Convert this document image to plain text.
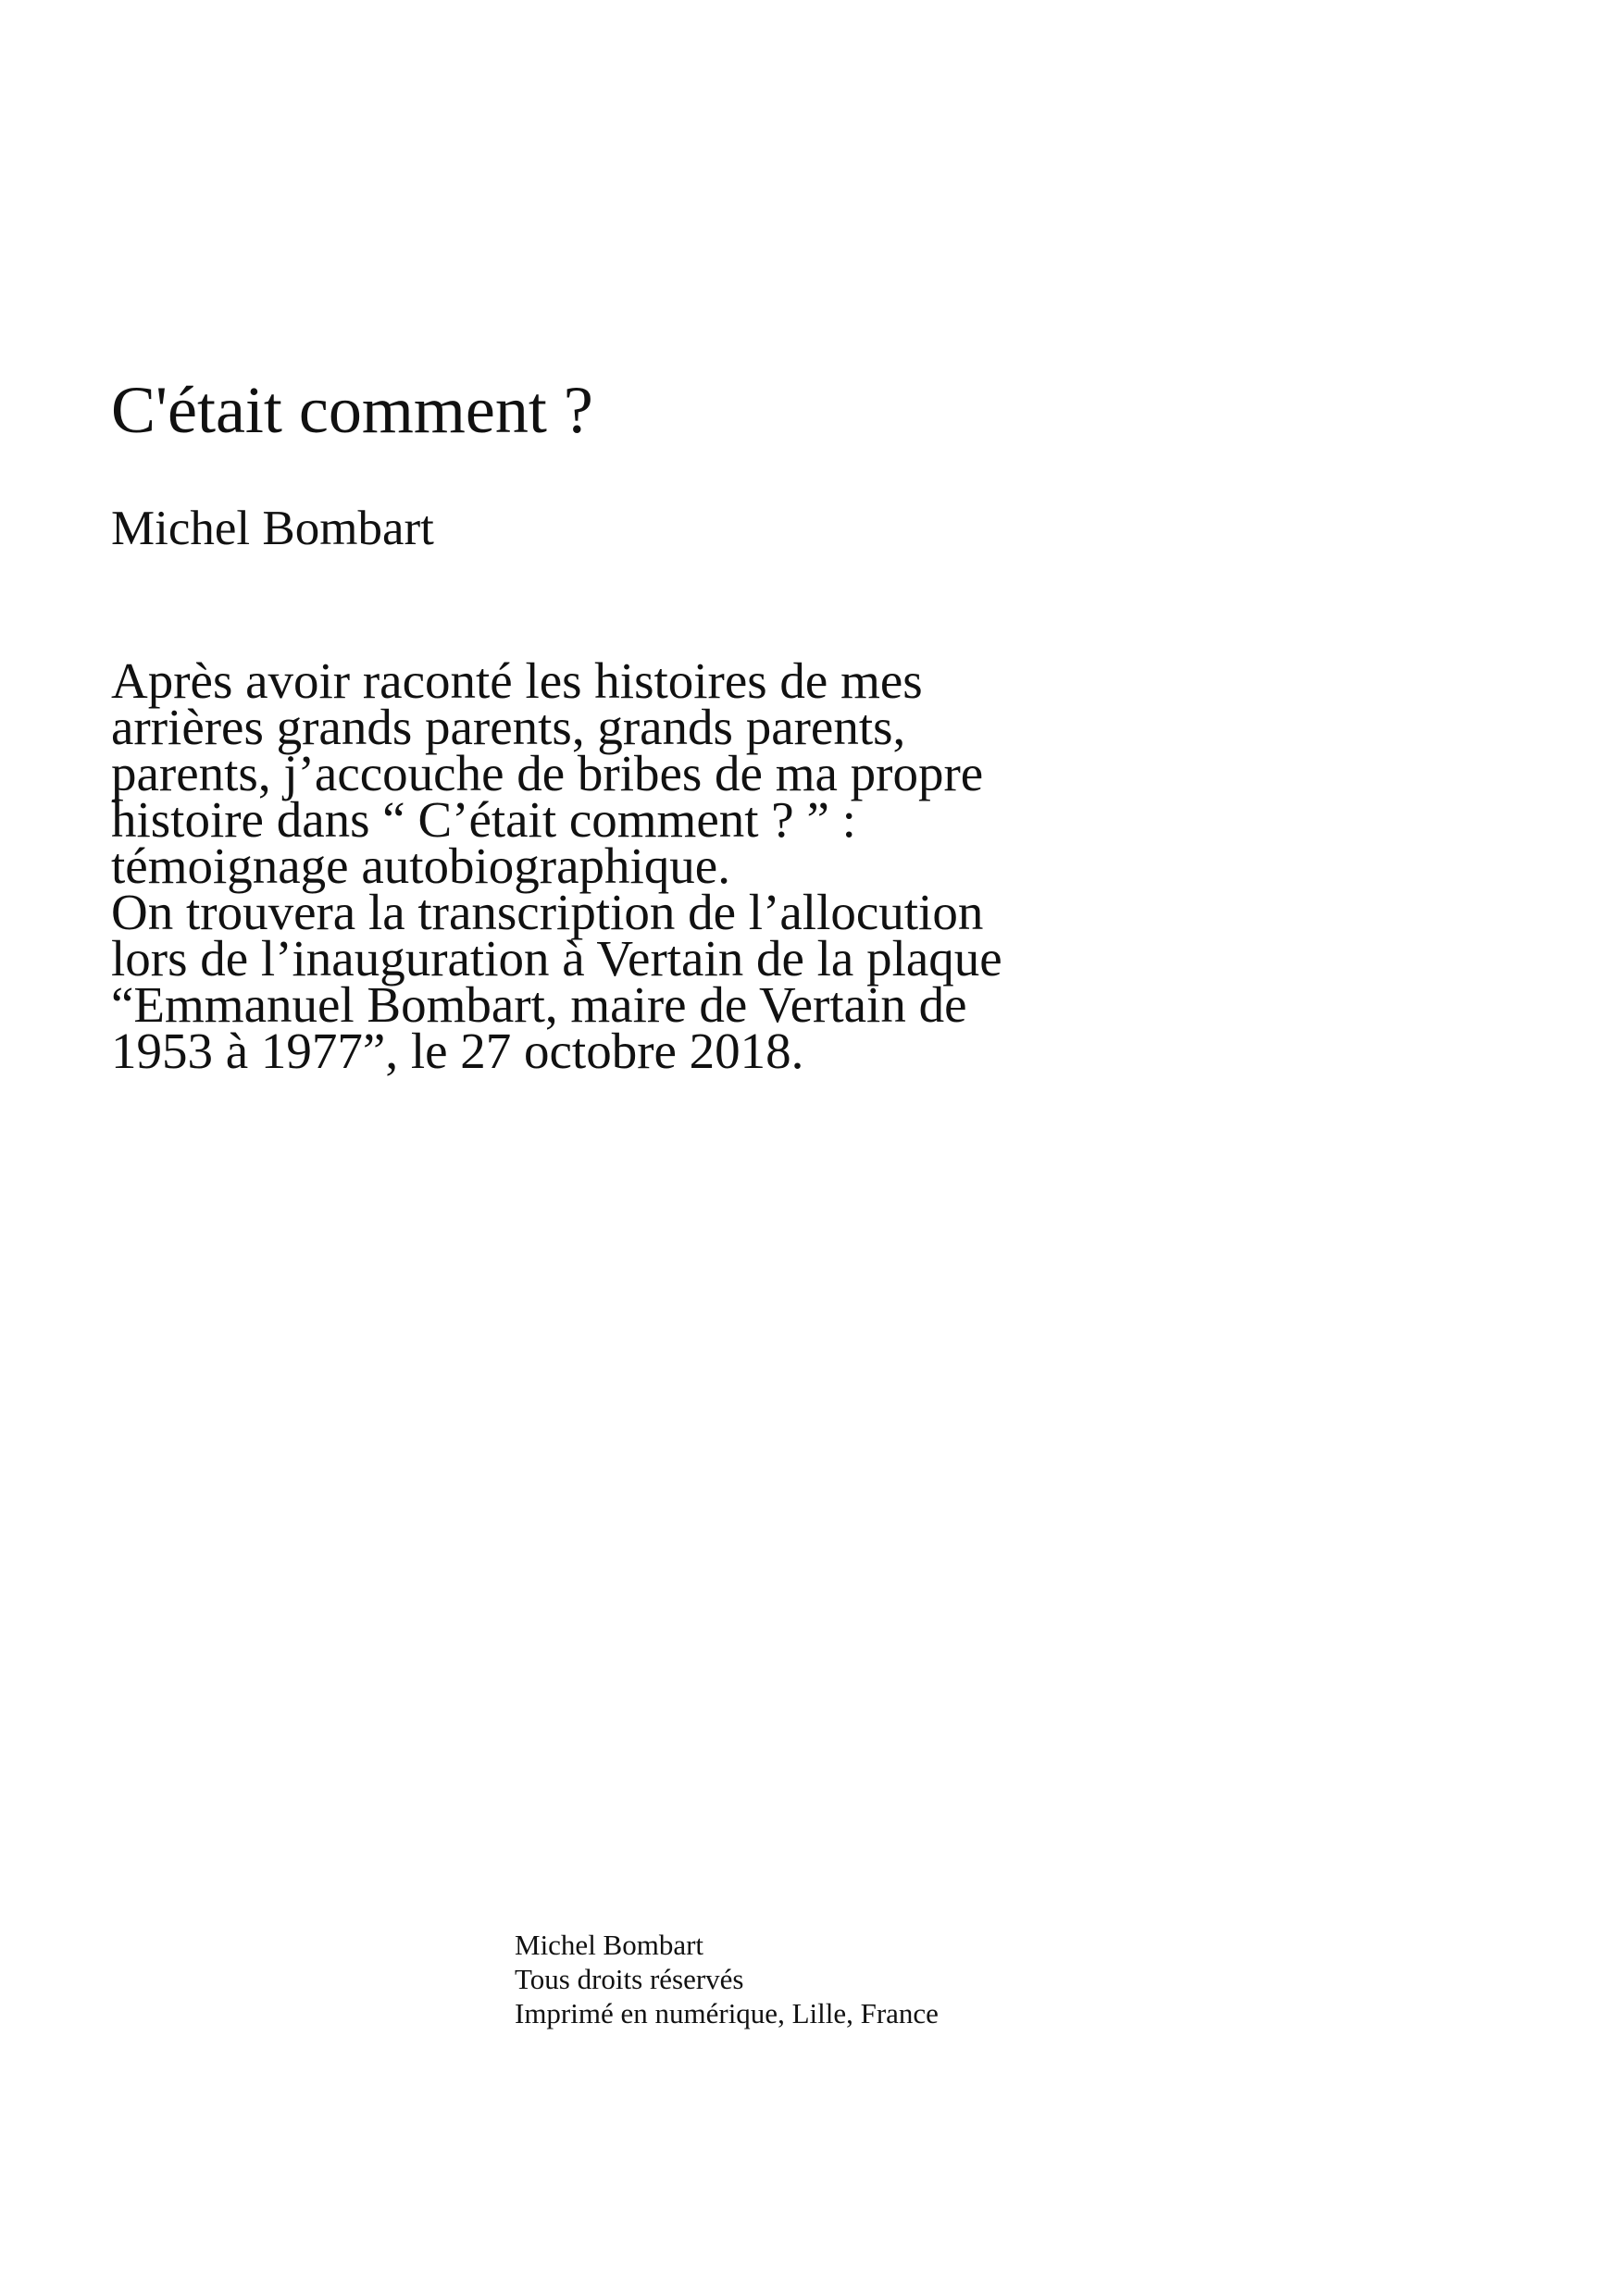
C'était comment ?
Michel Bombart
Après avoir raconté les histoires de mes
arrières grands parents, grands parents,
parents, j’accouche de bribes de ma propre
histoire dans “ C’était comment ? ” :
témoignage autobiographique.
On trouvera la transcription de l’allocution
lors de l’inauguration à Vertain de la plaque
“Emmanuel Bombart, maire de Vertain de
1953 à 1977”, le 27 octobre 2018.
Michel Bombart
Tous droits réservés
Imprimé en numérique, Lille, France
